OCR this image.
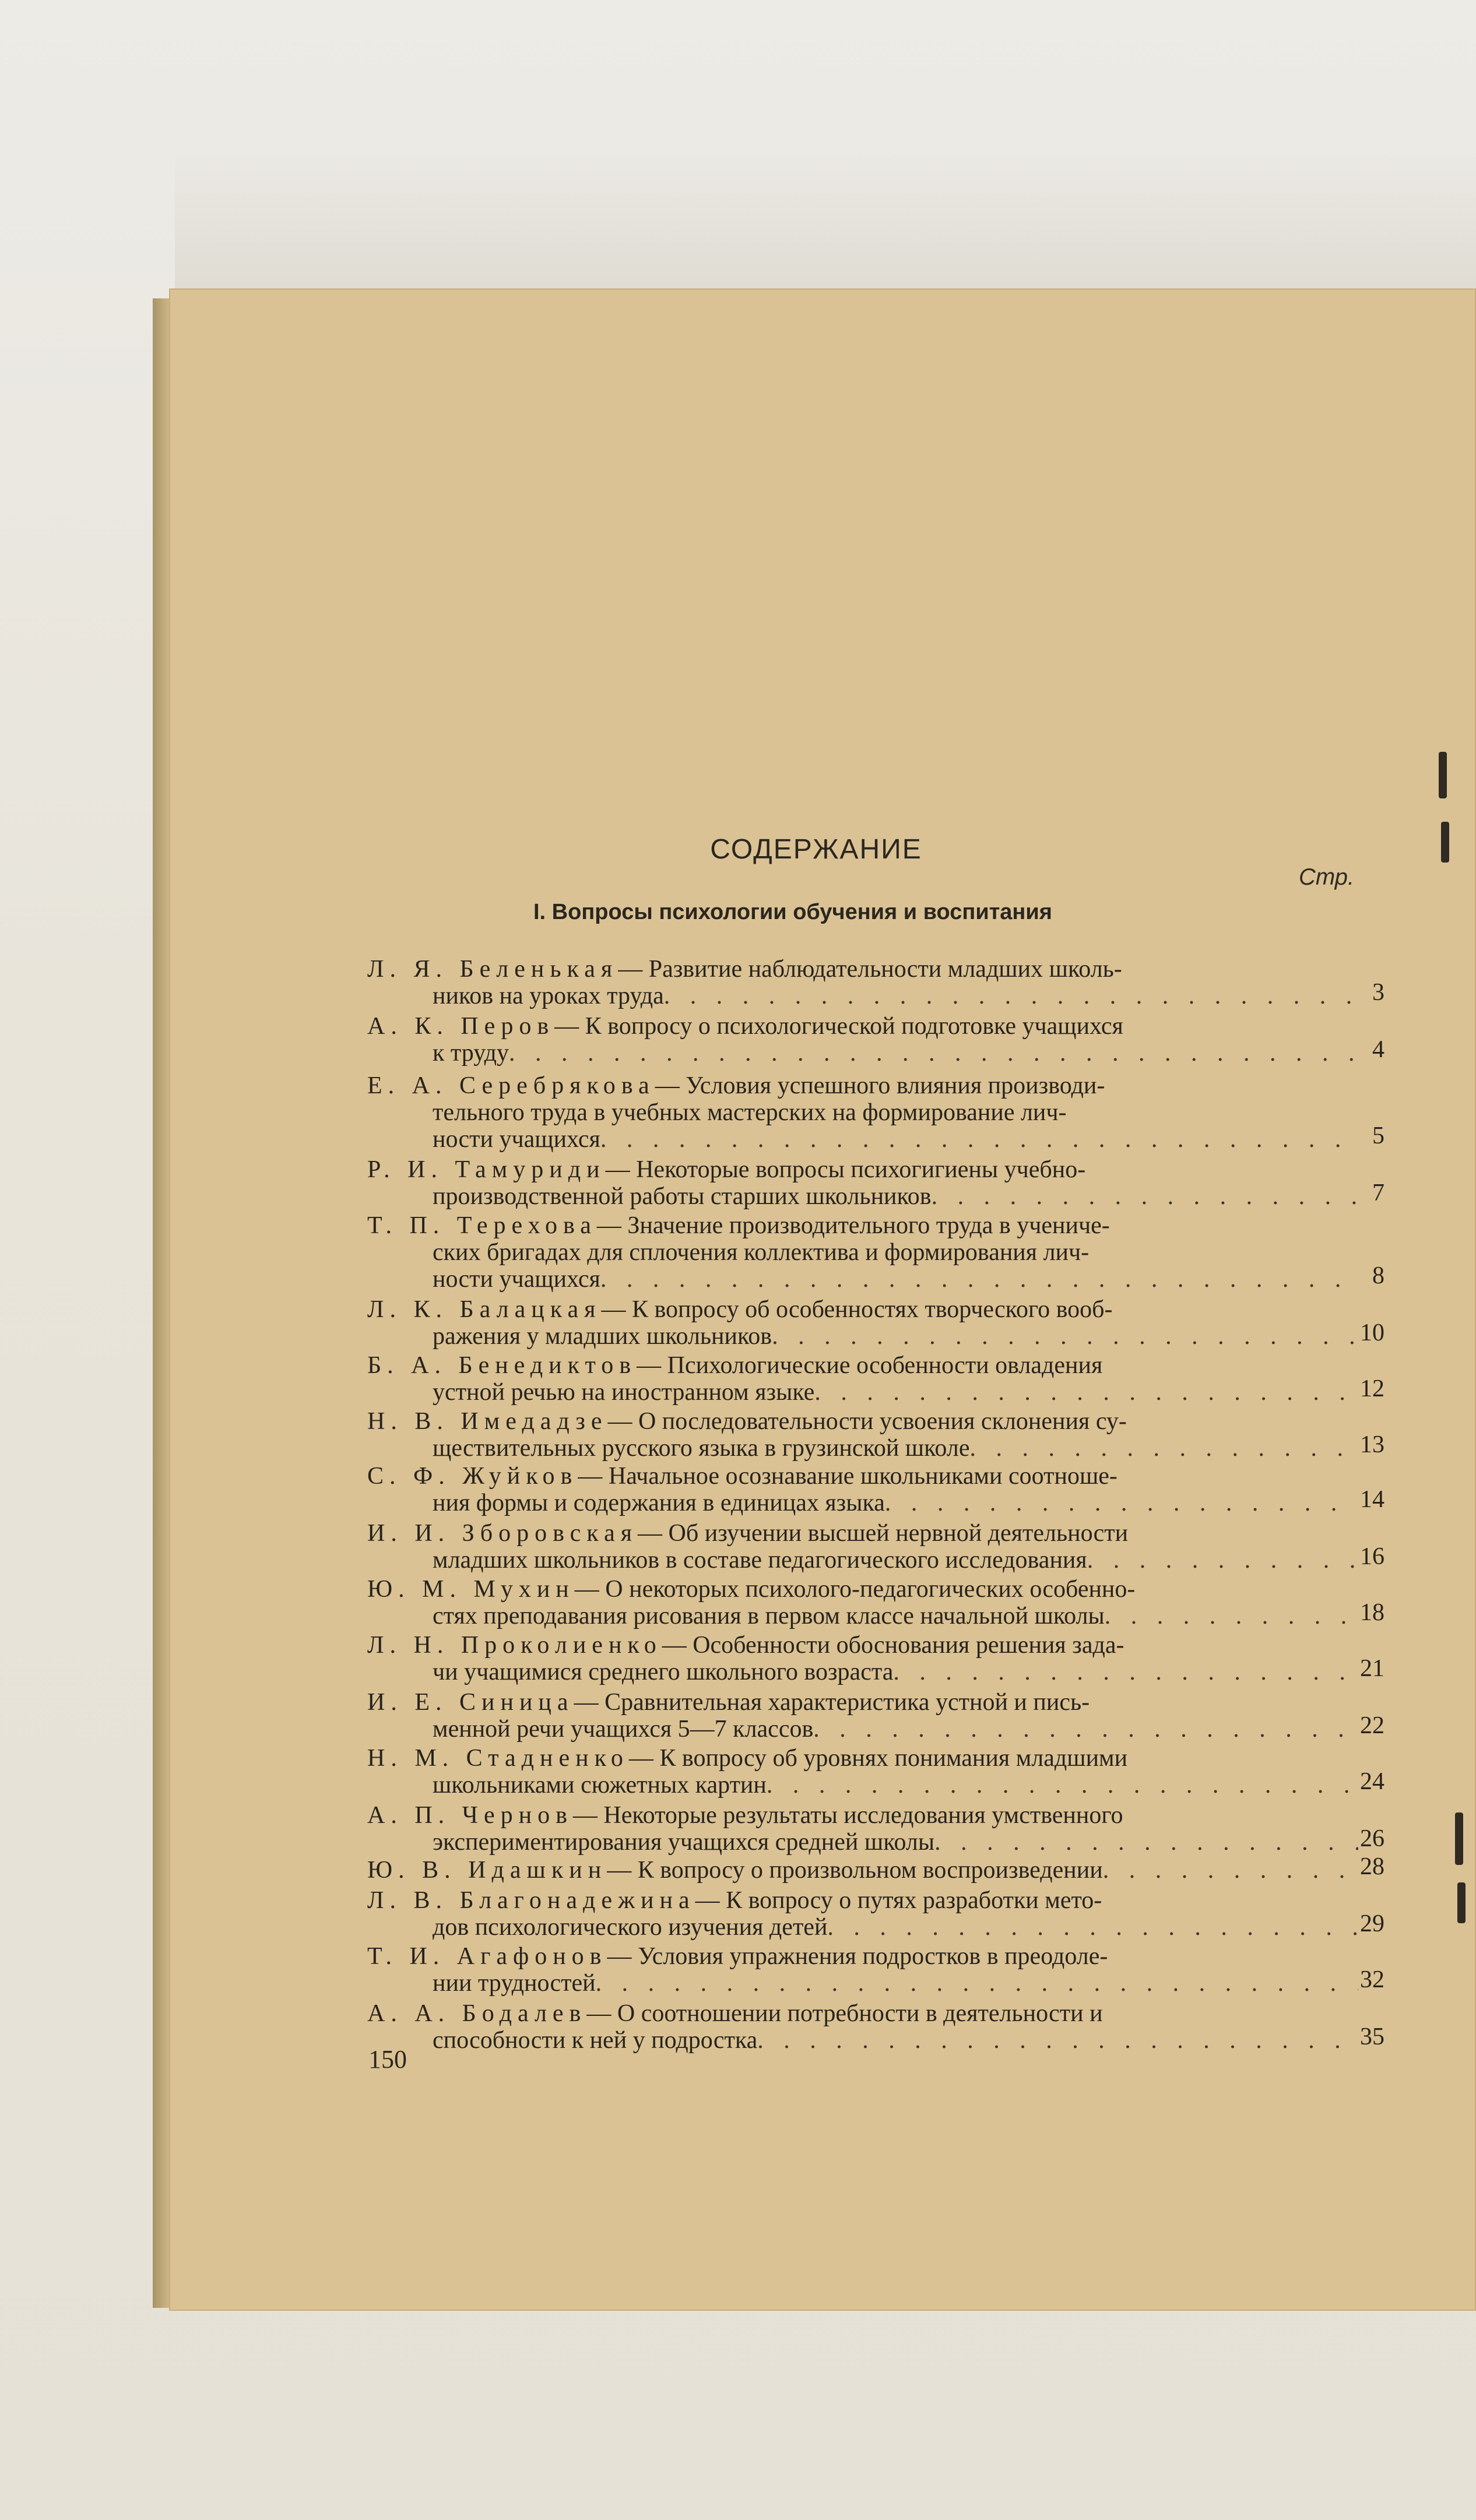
СОДЕРЖАНИЕ
Стр.
I. Вопросы психологии обучения и воспитания
Л. Я. Беленькая — Развитие наблюдательности младших школь-
ников на уроках труда . . .	3
А. К. Перов — К вопросу о психологической подготовке учащихся
к труду . . .	4
Е. А. Серебрякова — Условия успешного влияния производи-
тельного труда в учебных мастерских на формирование лич-
ности учащихся . . .	5
Р. И. Тамуриди — Некоторые вопросы психогигиены учебно-
производственной работы старших школьников . . .	7
Т. П. Терехова — Значение производительного труда в учениче-
ских бригадах для сплочения коллектива и формирования лич-
ности учащихся . . .	8
Л. К. Балацкая — К вопросу об особенностях творческого вооб-
ражения у младших школьников . . .	10
Б. А. Бенедиктов — Психологические особенности овладения
устной речью на иностранном языке . . .	12
Н. В. Имедадзе — О последовательности усвоения склонения су-
ществительных русского языка в грузинской школе . . .	13
С. Ф. Жуйков — Начальное осознавание школьниками соотноше-
ния формы и содержания в единицах языка . . .	14
И. И. Зборовская — Об изучении высшей нервной деятельности
младших школьников в составе педагогического исследования . . .	16
Ю. М. Мухин — О некоторых психолого-педагогических особенно-
стях преподавания рисования в первом классе начальной школы . . .	18
Л. Н. Проколиенко — Особенности обоснования решения зада-
чи учащимися среднего школьного возраста . . .	21
И. Е. Синица — Сравнительная характеристика устной и пись-
менной речи учащихся 5—7 классов . . .	22
Н. М. Стадненко — К вопросу об уровнях понимания младшими
школьниками сюжетных картин . . .	24
А. П. Чернов — Некоторые результаты исследования умственного
экспериментирования учащихся средней школы . . .	26
Ю. В. Идашкин — К вопросу о произвольном воспроизведении . . .	28
Л. В. Благонадежина — К вопросу о путях разработки мето-
дов психологического изучения детей . . .	29
Т. И. Агафонов — Условия упражнения подростков в преодоле-
нии трудностей . . .	32
А. А. Бодалев — О соотношении потребности в деятельности и
способности к ней у подростка . . .	35
150
